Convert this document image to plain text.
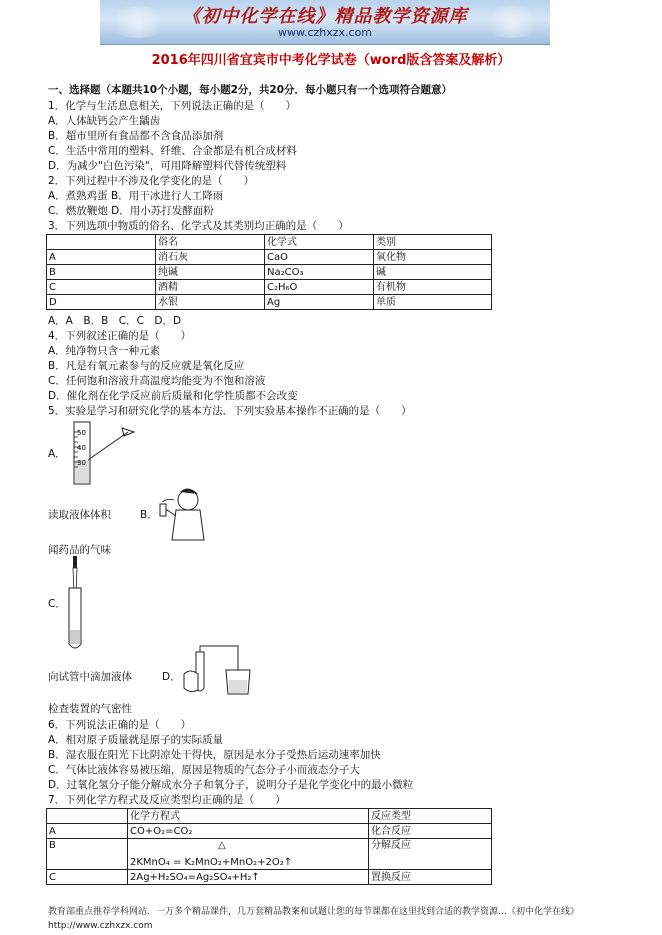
《初中化学在线》精品教学资源库
www.czhxzx.com
2016年四川省宜宾市中考化学试卷（word版含答案及解析）
一、选择题（本题共10个小题，每小题2分，共20分．每小题只有一个选项符合题意）
1．化学与生活息息相关，下列说法正确的是（　　）
A．人体缺钙会产生龋齿
B．超市里所有食品都不含食品添加剂
C．生活中常用的塑料、纤维、合金都是有机合成材料
D．为减少"白色污染"，可用降解塑料代替传统塑料
2．下列过程中不涉及化学变化的是（　　）
A．煮熟鸡蛋 B．用干冰进行人工降雨
C．燃放鞭炮 D．用小苏打发酵面粉
3．下列选项中物质的俗名、化学式及其类别均正确的是（　　）
	俗名	化学式	类别
A	消石灰	CaO	氧化物
B	纯碱	Na₂CO₃	碱
C	酒精	C₂H₆O	有机物
D	水银	Ag	单质
A．A　B．B　C．C　D．D
4．下列叙述正确的是（　　）
A．纯净物只含一种元素
B．凡是有氧元素参与的反应就是氧化反应
C．任何饱和溶液升高温度均能变为不饱和溶液
D．催化剂在化学反应前后质量和化学性质都不会改变
5．实验是学习和研究化学的基本方法．下列实验基本操作不正确的是（　　）
A．
50
40
30
读取液体体积	B．
闻药品的气味
C．
向试管中滴加液体	D．
检查装置的气密性
6．下列说法正确的是（　　）
A．相对原子质量就是原子的实际质量
B．湿衣服在阳光下比阴凉处干得快，原因是水分子受热后运动速率加快
C．气体比液体容易被压缩，原因是物质的气态分子小而液态分子大
D．过氧化氢分子能分解成水分子和氧分子，说明分子是化学变化中的最小微粒
7．下列化学方程式及反应类型均正确的是（　　）
	化学方程式	反应类型
A	CO+O₂=CO₂	化合反应
B	△
2KMnO₄ = K₂MnO₂+MnO₂+2O₂↑	分解反应
C	2Ag+H₂SO₄=Ag₂SO₄+H₂↑	置换反应
教育部重点推荐学科网站．一万多个精品课件，几万套精品教案和试题让您的每节课都在这里找到合适的教学资源…《初中化学在线》http://www.czhxzx.com
